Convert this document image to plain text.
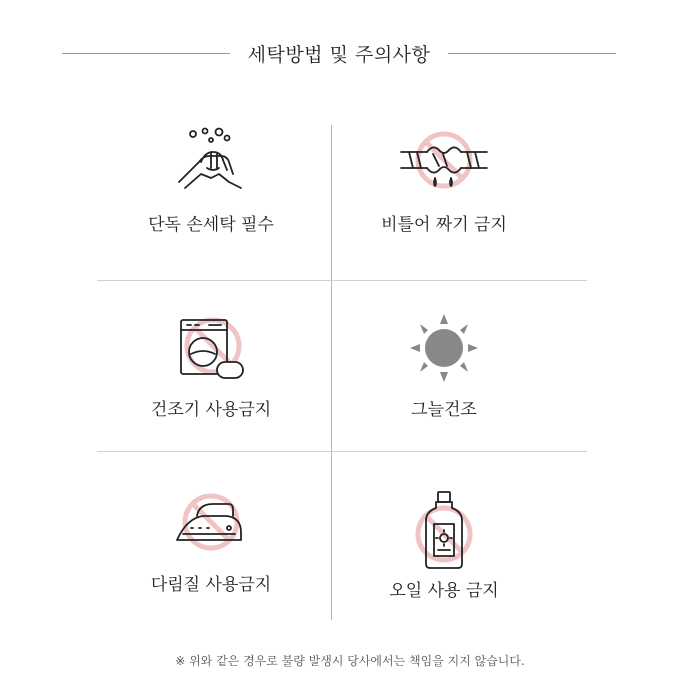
세탁방법 및 주의사항
단독 손세탁 필수	비틀어 짜기 금지
건조기 사용금지	그늘건조
다림질 사용금지	오일 사용 금지
※ 위와 같은 경우로 불량 발생시 당사에서는 책임을 지지 않습니다.
